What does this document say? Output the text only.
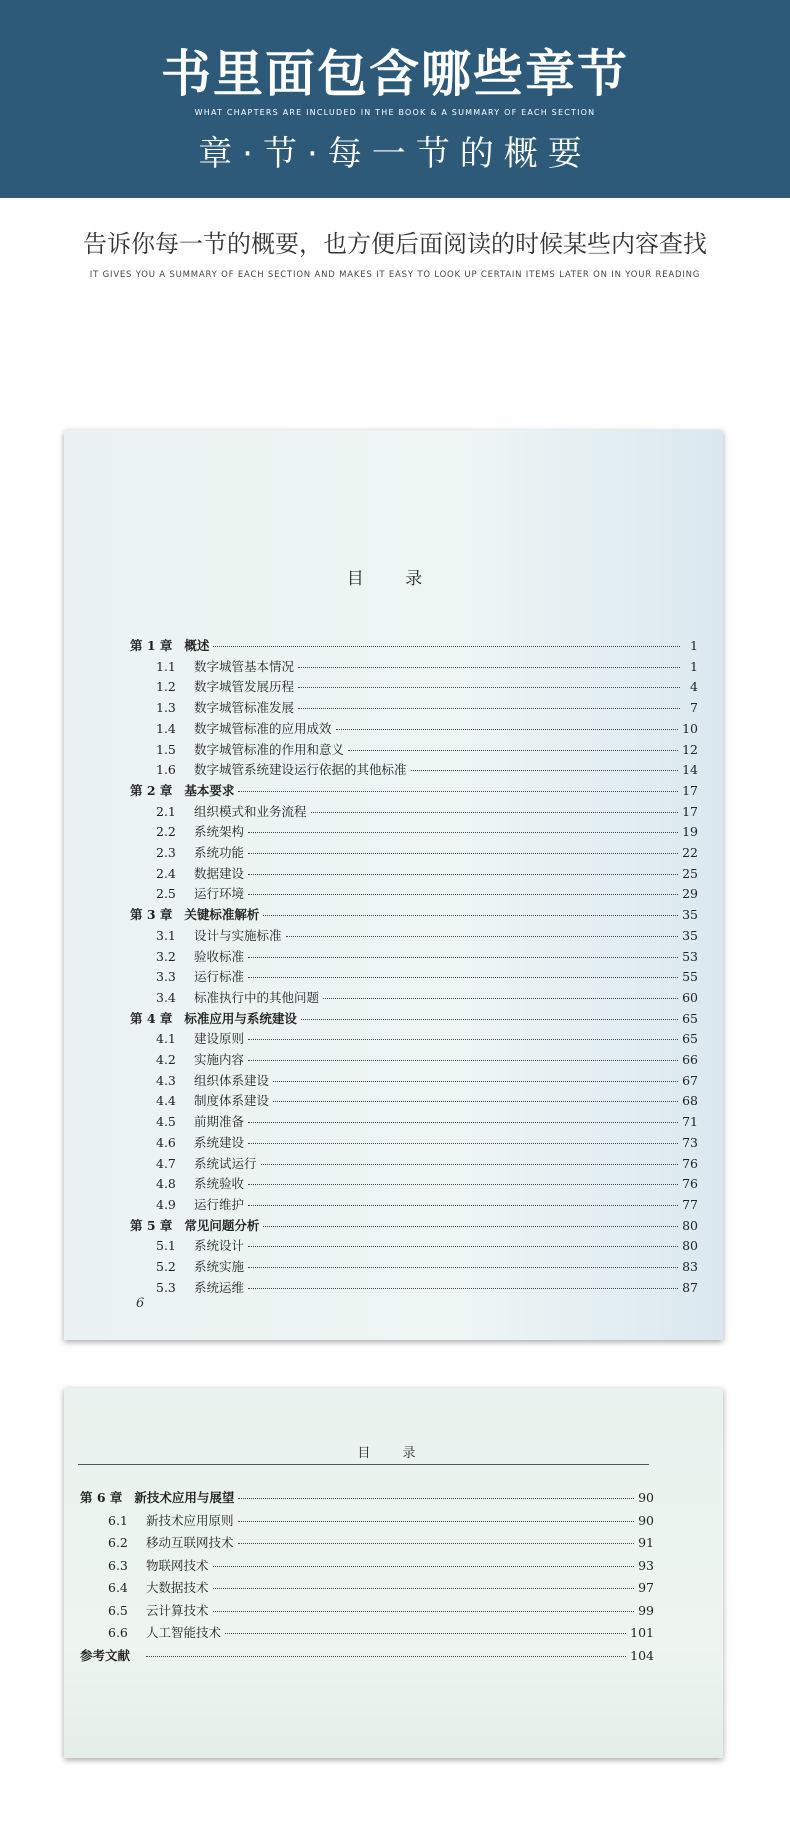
书里面包含哪些章节
WHAT CHAPTERS ARE INCLUDED IN THE BOOK & A SUMMARY OF EACH SECTION
章·节·每一节的概要
告诉你每一节的概要，也方便后面阅读的时候某些内容查找
IT GIVES YOU A SUMMARY OF EACH SECTION AND MAKES IT EASY TO LOOK UP CERTAIN ITEMS LATER ON IN YOUR READING
目 录
第 1 章 概述	1
1.1	数字城管基本情况	1
1.2	数字城管发展历程	4
1.3	数字城管标准发展	7
1.4	数字城管标准的应用成效	10
1.5	数字城管标准的作用和意义	12
1.6	数字城管系统建设运行依据的其他标准	14
第 2 章 基本要求	17
2.1	组织模式和业务流程	17
2.2	系统架构	19
2.3	系统功能	22
2.4	数据建设	25
2.5	运行环境	29
第 3 章 关键标准解析	35
3.1	设计与实施标准	35
3.2	验收标准	53
3.3	运行标准	55
3.4	标准执行中的其他问题	60
第 4 章 标准应用与系统建设	65
4.1	建设原则	65
4.2	实施内容	66
4.3	组织体系建设	67
4.4	制度体系建设	68
4.5	前期准备	71
4.6	系统建设	73
4.7	系统试运行	76
4.8	系统验收	76
4.9	运行维护	77
第 5 章 常见问题分析	80
5.1	系统设计	80
5.2	系统实施	83
5.3	系统运维	87
6
目 录
第 6 章 新技术应用与展望	90
6.1	新技术应用原则	90
6.2	移动互联网技术	91
6.3	物联网技术	93
6.4	大数据技术	97
6.5	云计算技术	99
6.6	人工智能技术	101
参考文献	104
